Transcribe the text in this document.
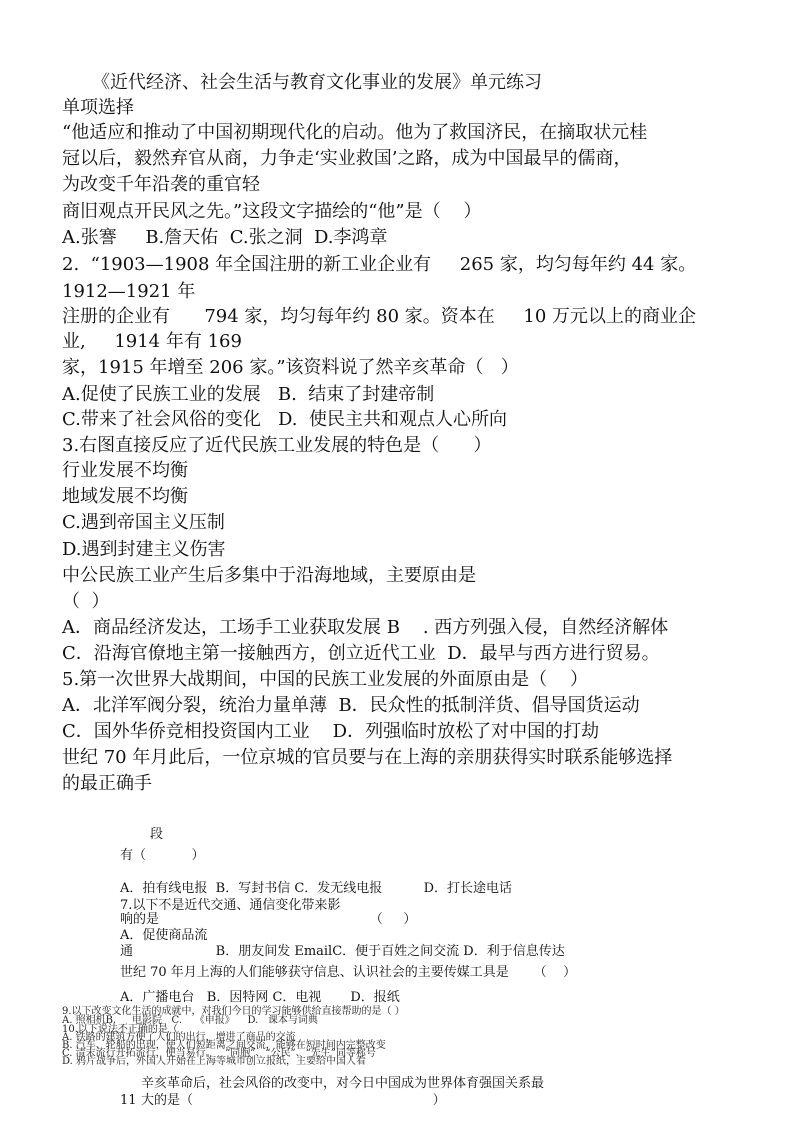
《近代经济、社会生活与教育文化事业的发展》单元练习
单项选择
“他适应和推动了中国初期现代化的启动。他为了救国济民，在摘取状元桂
冠以后，毅然弃官从商，力争走‘实业救国’之路，成为中国最早的儒商，
为改变千年沿袭的重官轻
商旧观点开民风之先。”这段文字描绘的“他”是（    ）
A.张謇     B.詹天佑  C.张之洞  D.李鸿章
2.  “1903—1908 年全国注册的新工业企业有     265 家，均匀每年约 44 家。
1912—1921 年
注册的企业有      794 家，均匀每年约 80 家。资本在     10 万元以上的商业企
业,     1914 年有 169
家，1915 年增至 206 家。”该资料说了然辛亥革命（   ）
A.促使了民族工业的发展   B.  结束了封建帝制
C.带来了社会风俗的变化   D.  使民主共和观点人心所向
3.右图直接反应了近代民族工业发展的特色是（      ）
行业发展不均衡
地域发展不均衡
C.遇到帝国主义压制
D.遇到封建主义伤害
中公民族工业产生后多集中于沿海地域，主要原由是
（  ）
A．商品经济发达，工场手工业获取发展 B    . 西方列强入侵，自然经济解体
C．沿海官僚地主第一接触西方，创立近代工业  D．最早与西方进行贸易。
5.第一次世界大战期间，中国的民族工业发展的外面原由是（    ）
A．北洋军阀分裂，统治力量单薄  B．民众性的抵制洋货、倡导国货运动
C．国外华侨竞相投资国内工业    D．列强临时放松了对中国的打劫
世纪 70 年月此后，一位京城的官员要与在上海的亲朋获得实时联系能够选择
的最正确手
段
有（           ）
A．拍有线电报  B．写封书信 C．发无线电报          D．打长途电话
7.以下不是近代交通、通信变化带来影
响的是                                                   （     ）
A．促使商品流
通                    B．朋友间发 EmailC．便于百姓之间交流 D．利于信息传达
世纪 70 年月上海的人们能够获守信息、认识社会的主要传媒工具是      （    ）
A．广播电台   B．因特网 C．电视       D．报纸
9.以下改变文化生活的成就中，对我们今日的学习能够供给直接帮助的是（ ）
A. 照相机B.     电影院   C.    《申报》    D.   课本与词典
10.以下说法不正确的是（
A. 铁路的建筑方便了人们的出行，增进了商品的交流
B. 汽车、轮船的出现，使人们短距离之间交流，能够在短时间内完整改变
C. 清末流行开拓流行，便当易行。   “同胞”、“公民”、“先生”同等称号
D. 鸦片战争后，外国人开始在上海等城市创立报纸，主要给中国人看
辛亥革命后，社会风俗的改变中，对今日中国成为世界体育强国关系最
11 大的是（                                                          ）
